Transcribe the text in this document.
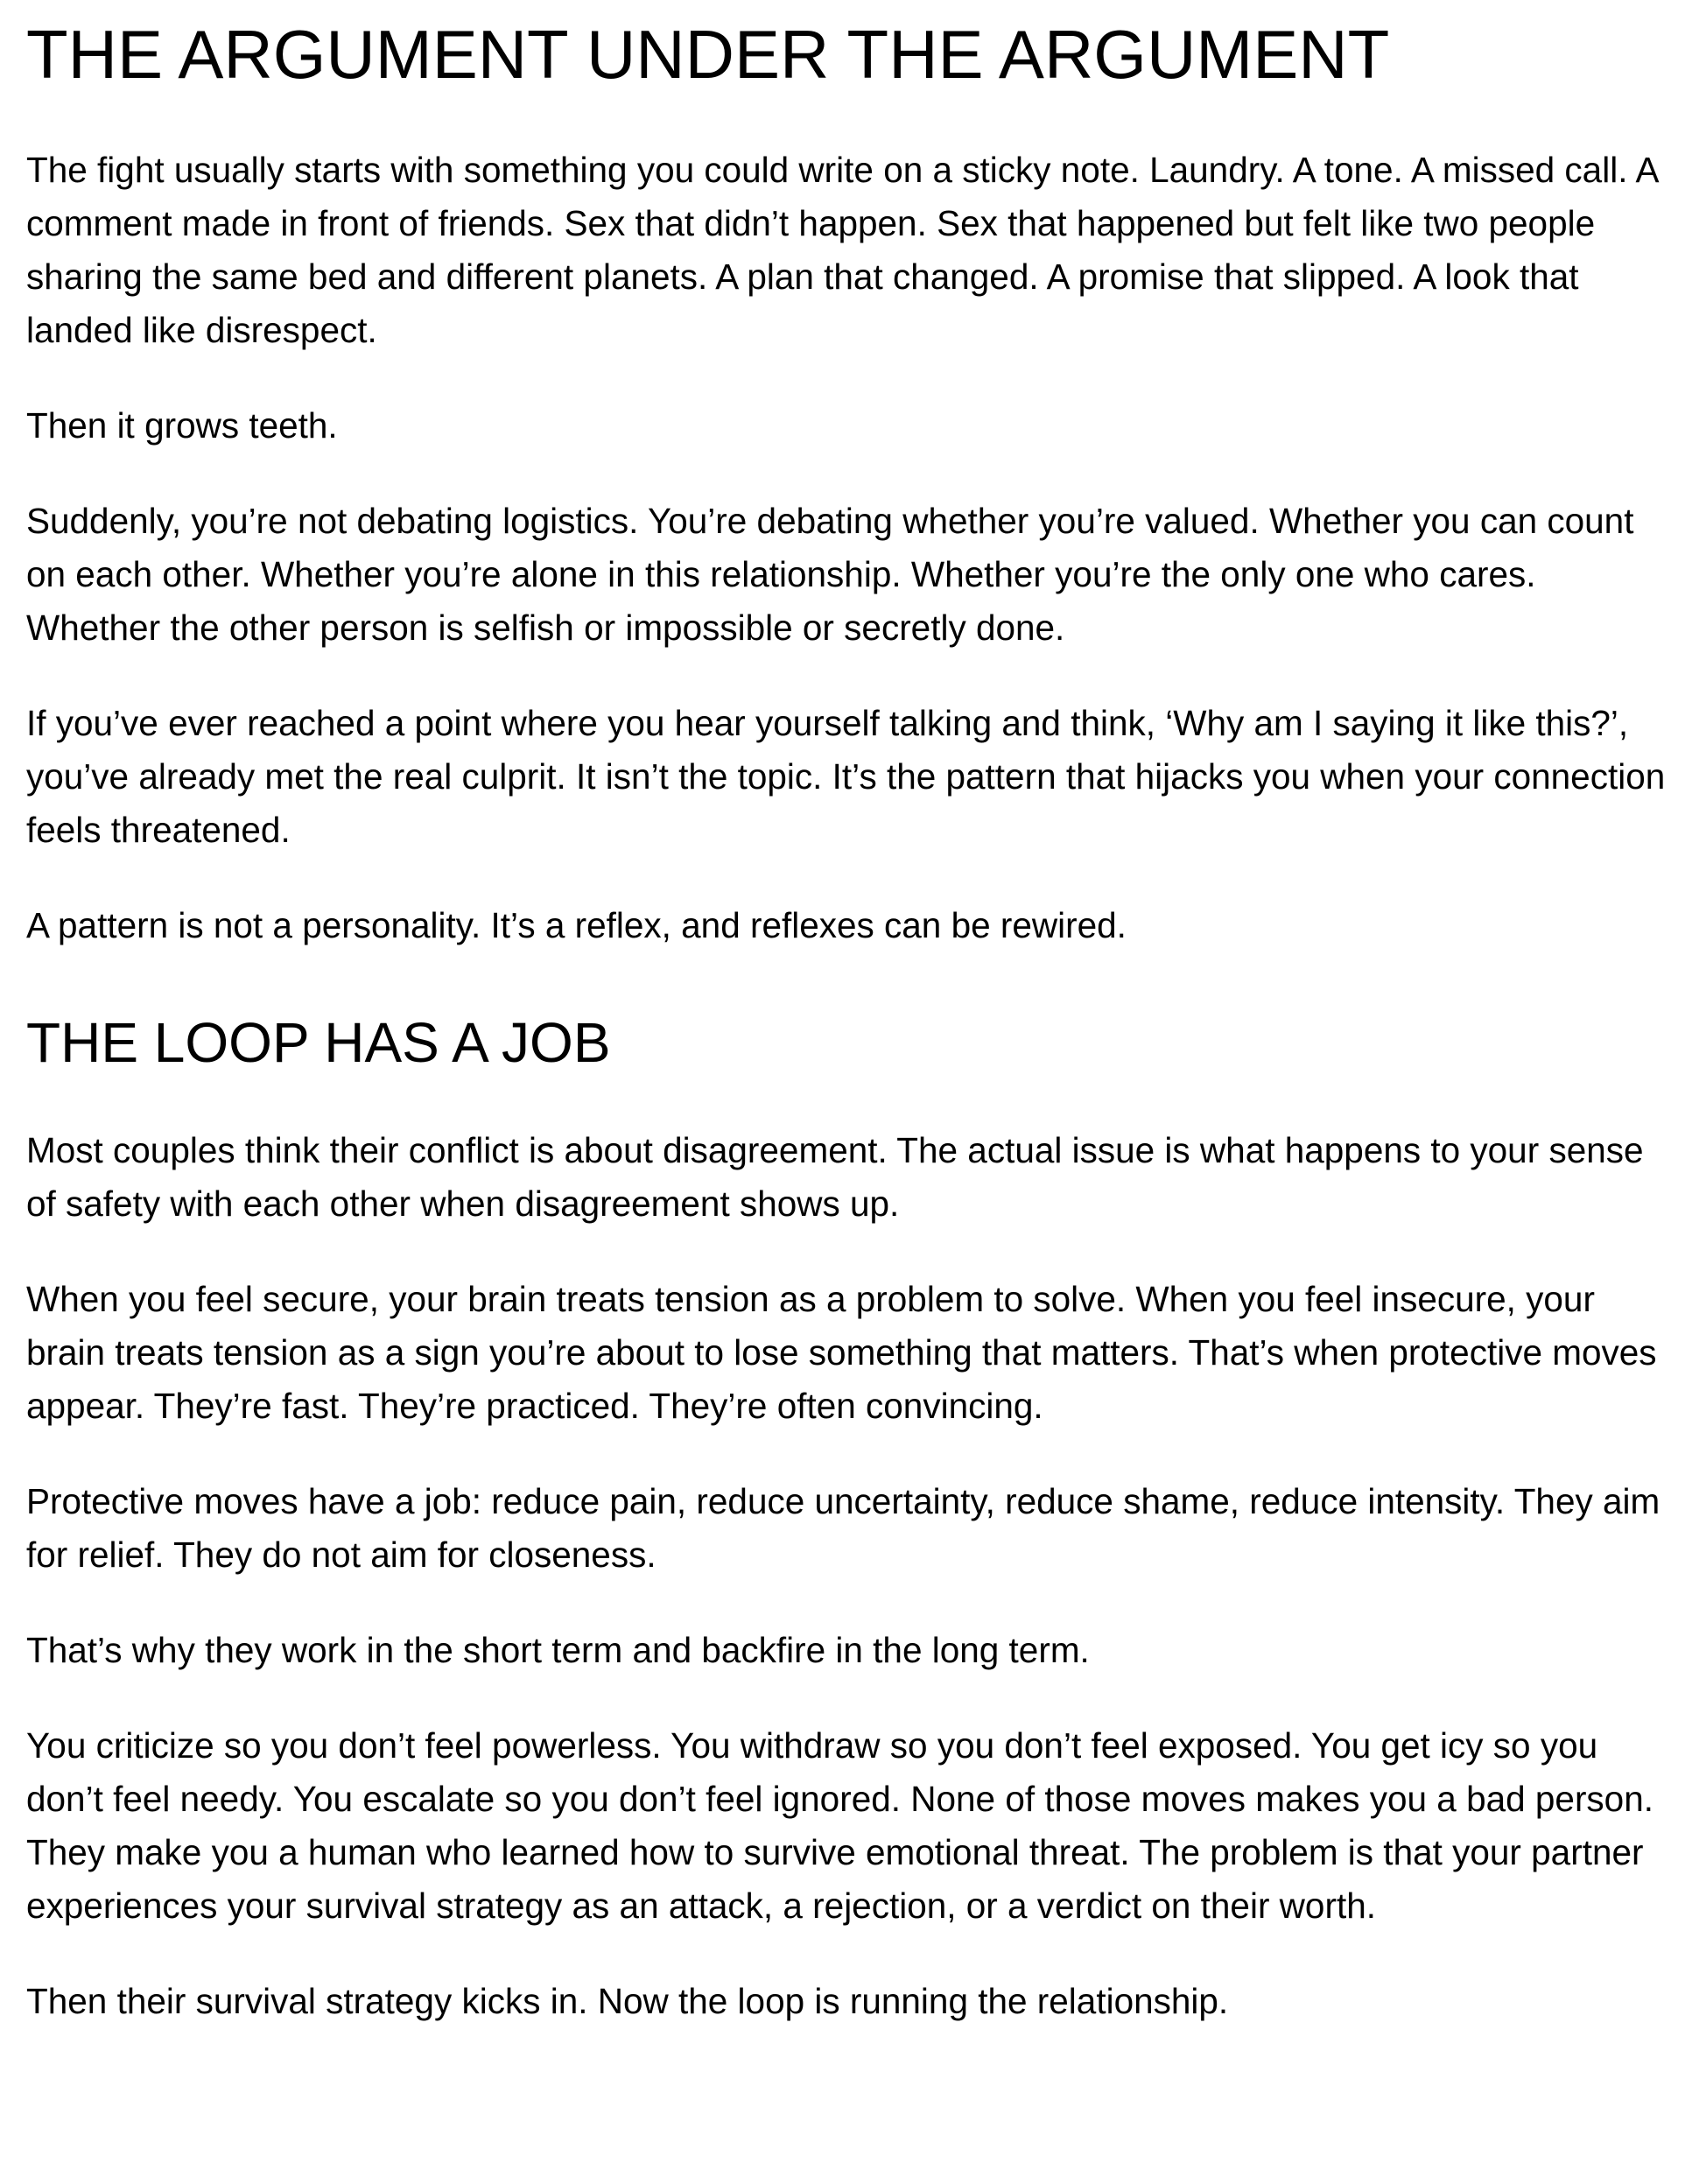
THE ARGUMENT UNDER THE ARGUMENT

The fight usually starts with something you could write on a sticky note. Laundry. A tone. A missed call. A comment made in front of friends. Sex that didn’t happen. Sex that happened but felt like two people sharing the same bed and different planets. A plan that changed. A promise that slipped. A look that landed like disrespect.

Then it grows teeth.

Suddenly, you’re not debating logistics. You’re debating whether you’re valued. Whether you can count on each other. Whether you’re alone in this relationship. Whether you’re the only one who cares. Whether the other person is selfish or impossible or secretly done.

If you’ve ever reached a point where you hear yourself talking and think, ‘Why am I saying it like this?’, you’ve already met the real culprit. It isn’t the topic. It’s the pattern that hijacks you when your connection feels threatened.

A pattern is not a personality. It’s a reflex, and reflexes can be rewired.

THE LOOP HAS A JOB

Most couples think their conflict is about disagreement. The actual issue is what happens to your sense of safety with each other when disagreement shows up.

When you feel secure, your brain treats tension as a problem to solve. When you feel insecure, your brain treats tension as a sign you’re about to lose something that matters. That’s when protective moves appear. They’re fast. They’re practiced. They’re often convincing.

Protective moves have a job: reduce pain, reduce uncertainty, reduce shame, reduce intensity. They aim for relief. They do not aim for closeness.

That’s why they work in the short term and backfire in the long term.

You criticize so you don’t feel powerless. You withdraw so you don’t feel exposed. You get icy so you don’t feel needy. You escalate so you don’t feel ignored. None of those moves makes you a bad person. They make you a human who learned how to survive emotional threat. The problem is that your partner experiences your survival strategy as an attack, a rejection, or a verdict on their worth.

Then their survival strategy kicks in. Now the loop is running the relationship.
